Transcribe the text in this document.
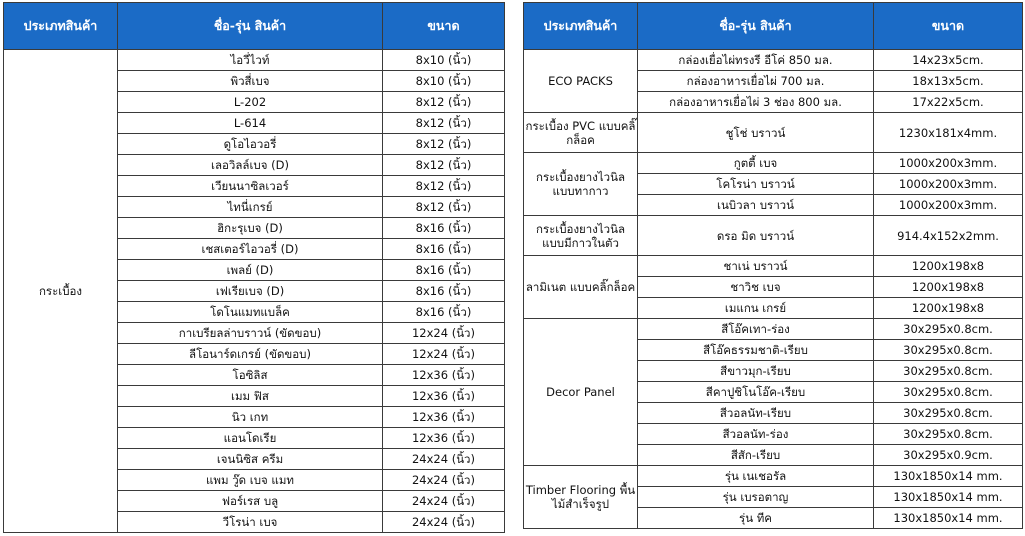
ประเภทสินค้า	ชื่อ-รุ่น สินค้า	ขนาด
กระเบื้อง	ไอวี่ไวท์	8x10 (นิ้ว)
	พิวสี่เบจ	8x10 (นิ้ว)
	L-202	8x12 (นิ้ว)
	L-614	8x12 (นิ้ว)
	ดูโอไอวอรี่	8x12 (นิ้ว)
	เลอวิลล์เบจ (D)	8x12 (นิ้ว)
	เวียนนาซิลเวอร์	8x12 (นิ้ว)
	ไทนี่เกรย์	8x12 (นิ้ว)
	ฮิกะรุเบจ (D)	8x16 (นิ้ว)
	เชสเตอร์ไอวอรี่ (D)	8x16 (นิ้ว)
	เพลย์ (D)	8x16 (นิ้ว)
	เฟเรียเบจ (D)	8x16 (นิ้ว)
	โดโนแมทแบล็ค	8x16 (นิ้ว)
	กาเบรียลล่าบราวน์ (ขัดขอบ)	12x24 (นิ้ว)
	ลีโอนาร์ดเกรย์ (ขัดขอบ)	12x24 (นิ้ว)
	โอซิลิส	12x36 (นิ้ว)
	เมม ฟิส	12x36 (นิ้ว)
	นิว เกท	12x36 (นิ้ว)
	แอนโดเรีย	12x36 (นิ้ว)
	เจนนิซิส ครีม	24x24 (นิ้ว)
	แพม วู๊ด เบจ แมท	24x24 (นิ้ว)
	ฟอร์เรส บลู	24x24 (นิ้ว)
	วีโรน่า เบจ	24x24 (นิ้ว)
ประเภทสินค้า	ชื่อ-รุ่น สินค้า	ขนาด
ECO PACKS	กล่องเยื่อไผ่ทรงรี อีโค่ 850 มล.	14x23x5cm.
	กล่องอาหารเยื่อไผ่ 700 มล.	18x13x5cm.
	กล่องอาหารเยื่อไผ่ 3 ช่อง 800 มล.	17x22x5cm.
กระเบื้อง PVC แบบคลิ๊กล็อค	ชูโช่ บราวน์	1230x181x4mm.
กระเบื้องยางไวนิล แบบทากาว	กูตตี้ เบจ	1000x200x3mm.
	โคโรน่า บราวน์	1000x200x3mm.
	เนบิวลา บราวน์	1000x200x3mm.
กระเบื้องยางไวนิล แบบมีกาวในตัว	ดรอ มิด บราวน์	914.4x152x2mm.
ลามิเนต แบบคลิ๊กล็อค	ชาเน่ บราวน์	1200x198x8
	ชาวิช เบจ	1200x198x8
	เมแกน เกรย์	1200x198x8
Decor Panel	สีโอ๊คเทา-ร่อง	30x295x0.8cm.
	สีโอ๊คธรรมชาติ-เรียบ	30x295x0.8cm.
	สีขาวมุก-เรียบ	30x295x0.8cm.
	สีคาปูชิโนโอ๊ค-เรียบ	30x295x0.8cm.
	สีวอลนัท-เรียบ	30x295x0.8cm.
	สีวอลนัท-ร่อง	30x295x0.8cm.
	สีสัก-เรียบ	30x295x0.9cm.
Timber Flooring พื้นไม้สำเร็จรูป	รุ่น เนเชอรัล	130x1850x14 mm.
	รุ่น เบรอตาญ	130x1850x14 mm.
	รุ่น ทีค	130x1850x14 mm.
